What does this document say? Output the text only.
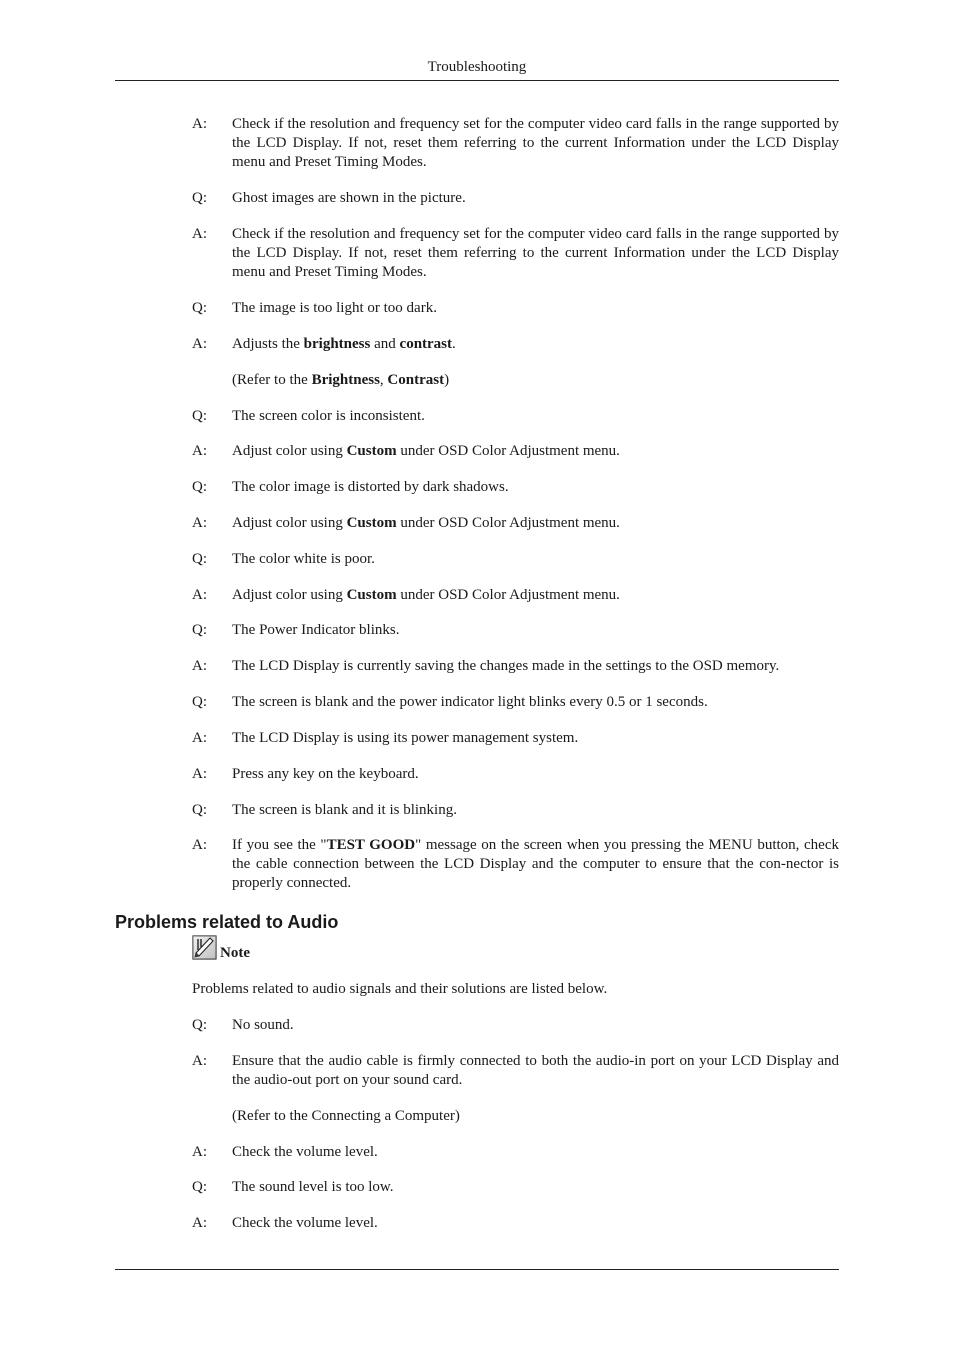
Troubleshooting
A: Check if the resolution and frequency set for the computer video card falls in the range supported by the LCD Display. If not, reset them referring to the current Information under the LCD Display menu and Preset Timing Modes.
Q: Ghost images are shown in the picture.
A: Check if the resolution and frequency set for the computer video card falls in the range supported by the LCD Display. If not, reset them referring to the current Information under the LCD Display menu and Preset Timing Modes.
Q: The image is too light or too dark.
A: Adjusts the brightness and contrast.
(Refer to the Brightness, Contrast)
Q: The screen color is inconsistent.
A: Adjust color using Custom under OSD Color Adjustment menu.
Q: The color image is distorted by dark shadows.
A: Adjust color using Custom under OSD Color Adjustment menu.
Q: The color white is poor.
A: Adjust color using Custom under OSD Color Adjustment menu.
Q: The Power Indicator blinks.
A: The LCD Display is currently saving the changes made in the settings to the OSD memory.
Q: The screen is blank and the power indicator light blinks every 0.5 or 1 seconds.
A: The LCD Display is using its power management system.
A: Press any key on the keyboard.
Q: The screen is blank and it is blinking.
A: If you see the "TEST GOOD" message on the screen when you pressing the MENU button, check the cable connection between the LCD Display and the computer to ensure that the con-nector is properly connected.
Problems related to Audio
Note
Problems related to audio signals and their solutions are listed below.
Q: No sound.
A: Ensure that the audio cable is firmly connected to both the audio-in port on your LCD Display and the audio-out port on your sound card.
(Refer to the Connecting a Computer)
A: Check the volume level.
Q: The sound level is too low.
A: Check the volume level.
